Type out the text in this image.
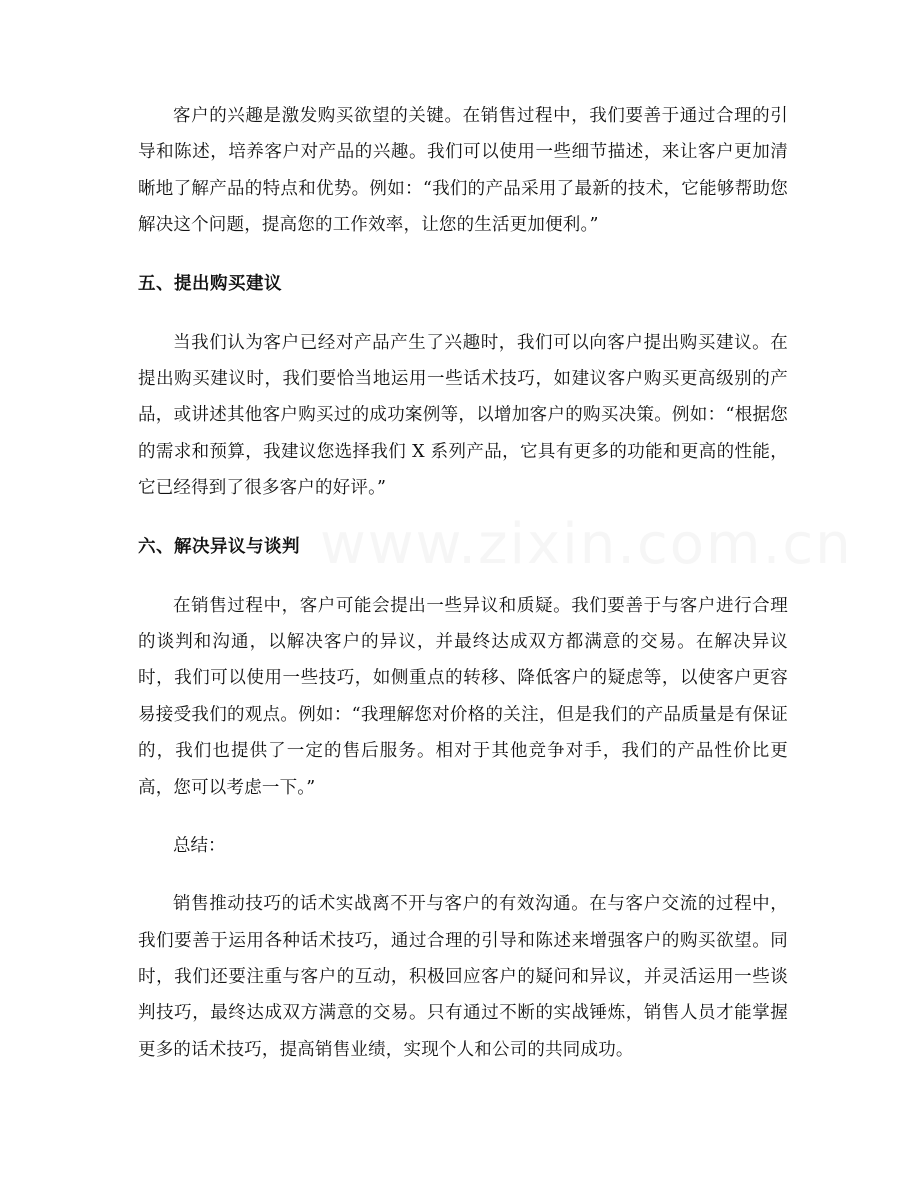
www.zixin.com.cn

客户的兴趣是激发购买欲望的关键。在销售过程中，我们要善于通过合理的引导和陈述，培养客户对产品的兴趣。我们可以使用一些细节描述，来让客户更加清晰地了解产品的特点和优势。例如：“我们的产品采用了最新的技术，它能够帮助您解决这个问题，提高您的工作效率，让您的生活更加便利。”

五、提出购买建议

当我们认为客户已经对产品产生了兴趣时，我们可以向客户提出购买建议。在提出购买建议时，我们要恰当地运用一些话术技巧，如建议客户购买更高级别的产品，或讲述其他客户购买过的成功案例等，以增加客户的购买决策。例如：“根据您的需求和预算，我建议您选择我们 X 系列产品，它具有更多的功能和更高的性能，它已经得到了很多客户的好评。”

六、解决异议与谈判

在销售过程中，客户可能会提出一些异议和质疑。我们要善于与客户进行合理的谈判和沟通，以解决客户的异议，并最终达成双方都满意的交易。在解决异议时，我们可以使用一些技巧，如侧重点的转移、降低客户的疑虑等，以使客户更容易接受我们的观点。例如：“我理解您对价格的关注，但是我们的产品质量是有保证的，我们也提供了一定的售后服务。相对于其他竞争对手，我们的产品性价比更高，您可以考虑一下。”

总结：

销售推动技巧的话术实战离不开与客户的有效沟通。在与客户交流的过程中，我们要善于运用各种话术技巧，通过合理的引导和陈述来增强客户的购买欲望。同时，我们还要注重与客户的互动，积极回应客户的疑问和异议，并灵活运用一些谈判技巧，最终达成双方满意的交易。只有通过不断的实战锤炼，销售人员才能掌握更多的话术技巧，提高销售业绩，实现个人和公司的共同成功。
